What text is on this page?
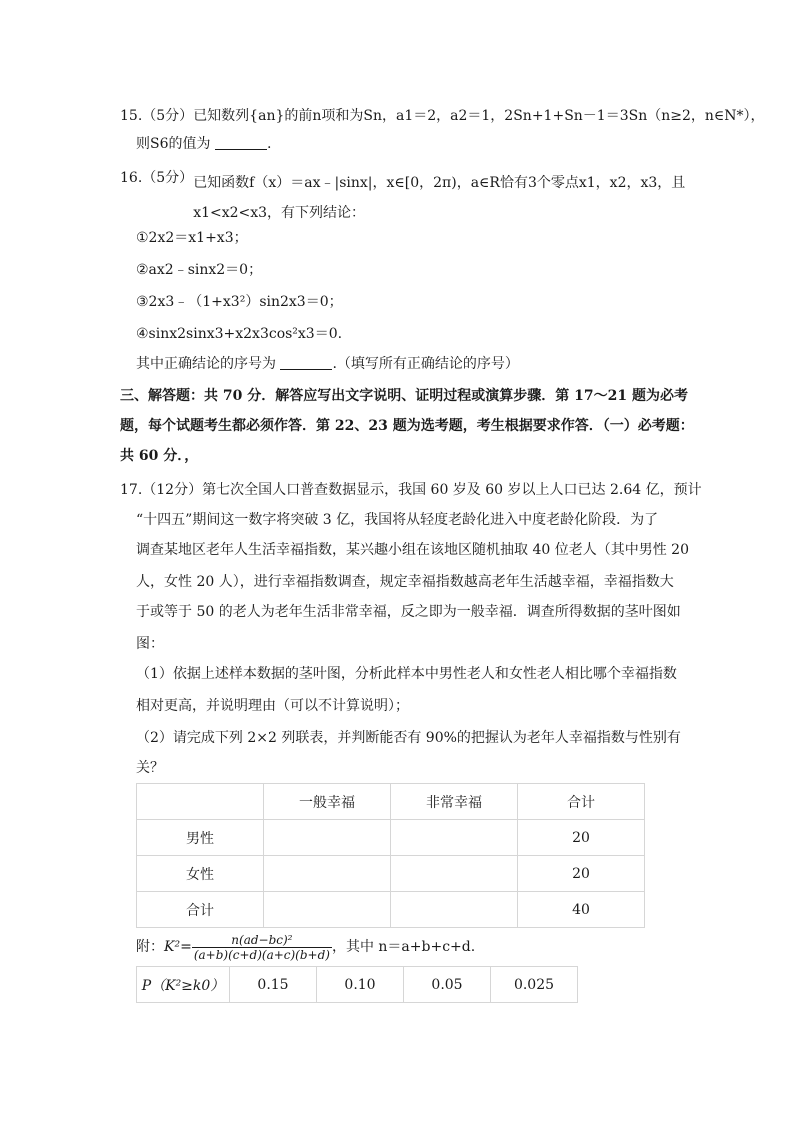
15.（5分）已知数列{an}的前n项和为Sn，a1＝2，a2＝1，2Sn+1+Sn－1＝3Sn（n≥2，n∈N*），
则S6的值为	.
16.（5分）已知函数f（x）＝ax﹣|sinx|，x∈[0，2π)，a∈R恰有3个零点x1，x2，x3，且x1<x2<x3，有下列结论：
①2x2＝x1+x3；
②ax2﹣sinx2＝0；
③2x3﹣（1+x3²）sin2x3＝0；
④sinx2sinx3+x2x3cos²x3＝0.
其中正确结论的序号为	.（填写所有正确结论的序号）
三、解答题：共 70 分．解答应写出文字说明、证明过程或演算步骤．第 17～21 题为必考
题，每个试题考生都必须作答．第 22、23 题为选考题，考生根据要求作答．（一）必考题：
共 60 分．，
17.（12分）第七次全国人口普查数据显示，我国 60 岁及 60 岁以上人口已达 2.64 亿，预计
“十四五”期间这一数字将突破 3 亿，我国将从轻度老龄化进入中度老龄化阶段．为了
调查某地区老年人生活幸福指数，某兴趣小组在该地区随机抽取 40 位老人（其中男性 20
人，女性 20 人），进行幸福指数调查，规定幸福指数越高老年生活越幸福，幸福指数大
于或等于 50 的老人为老年生活非常幸福，反之即为一般幸福．调查所得数据的茎叶图如
图：
（1）依据上述样本数据的茎叶图，分析此样本中男性老人和女性老人相比哪个幸福指数
相对更高，并说明理由（可以不计算说明）；
（2）请完成下列 2×2 列联表，并判断能否有 90%的把握认为老年人幸福指数与性别有
关？
	一般幸福	非常幸福	合计
男性			20
女性			20
合计			40
附：$K^2= \frac{\text{n(ad−bc)²}}{(a+b)(c+d)(a+c)(b+d)}$ ，其中 n＝a+b+c+d.
P（K²≥k0）	0.15	0.10	0.05	0.025
